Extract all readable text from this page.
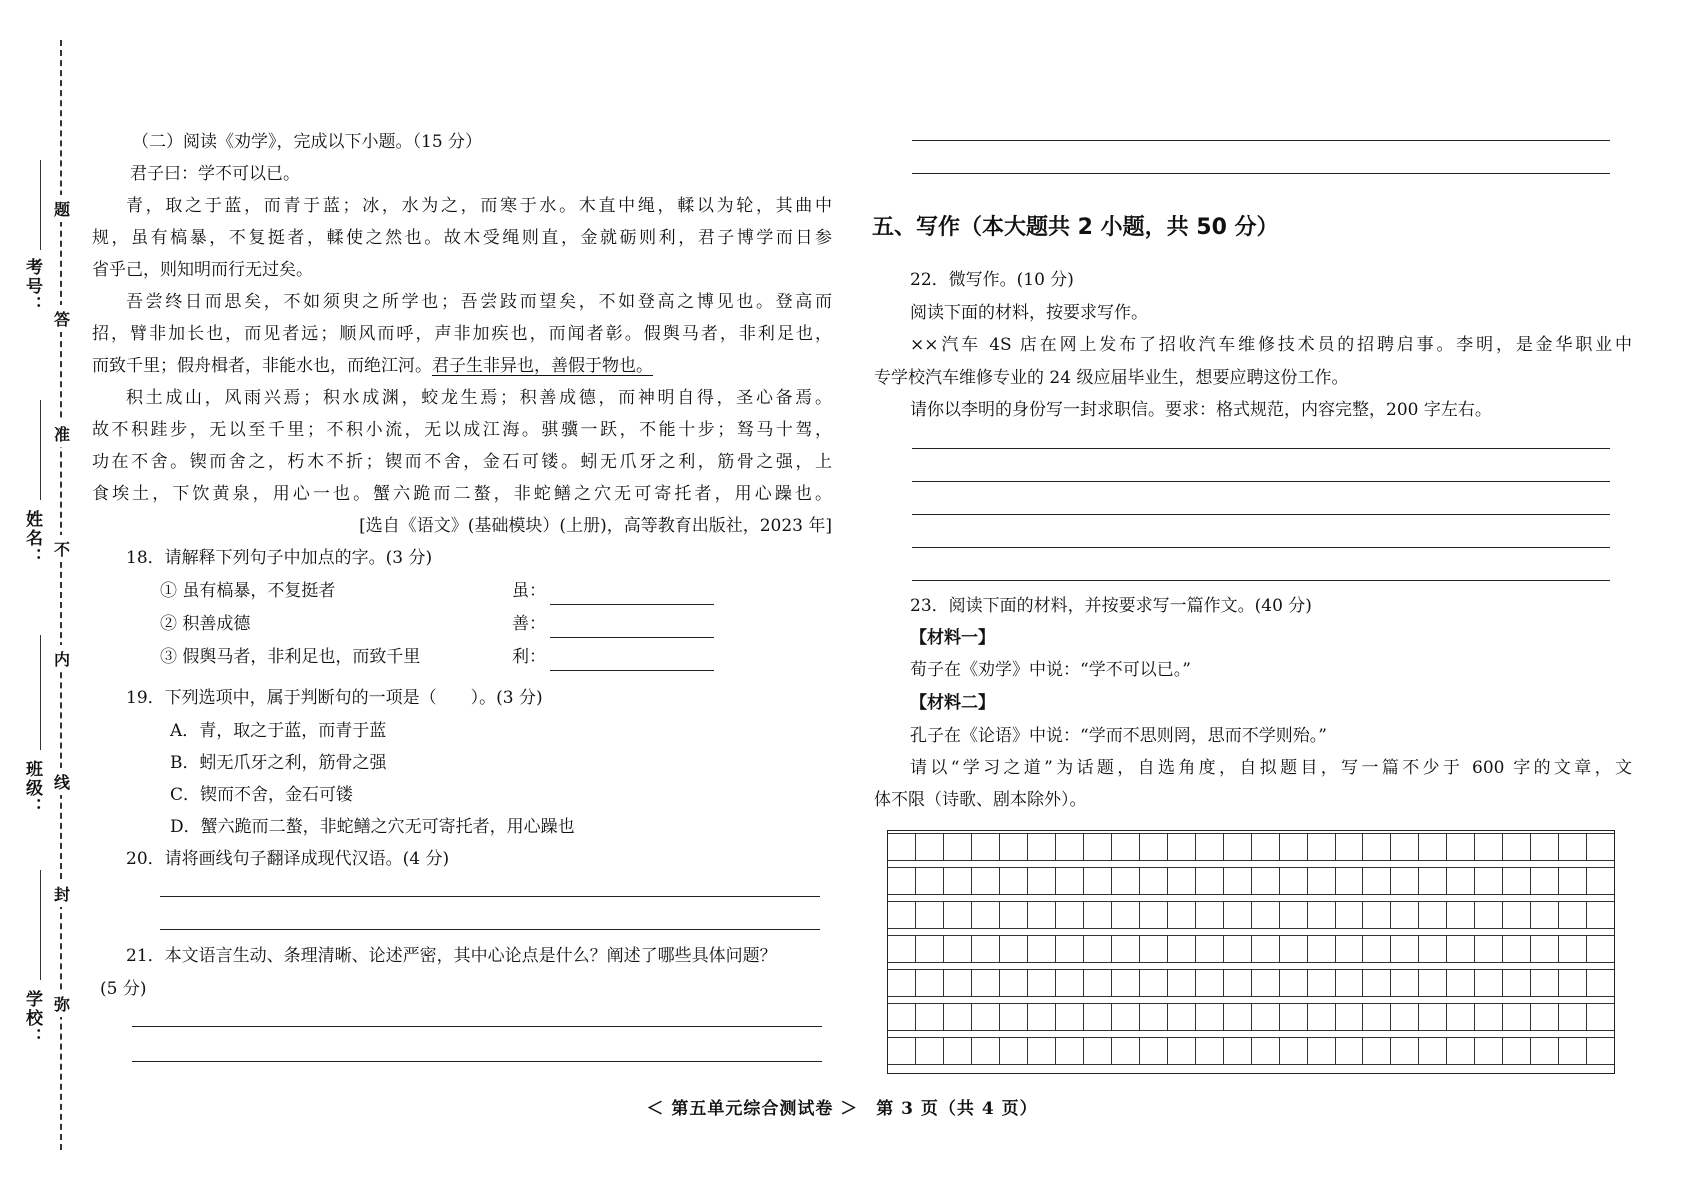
考号：
姓名：
班级：
学校：
题
答
准
不
内
线
封
弥
（二）阅读《劝学》，完成以下小题。（15 分）
君子曰：学不可以已。
青，取之于蓝，而青于蓝；冰，水为之，而寒于水。木直中绳，輮以为轮，其曲中
规，虽有槁暴，不复挺者，輮使之然也。故木受绳则直，金就砺则利，君子博学而日参
省乎己，则知明而行无过矣。
吾尝终日而思矣，不如须臾之所学也；吾尝跂而望矣，不如登高之博见也。登高而
招，臂非加长也，而见者远；顺风而呼，声非加疾也，而闻者彰。假舆马者，非利足也，
而致千里；假舟楫者，非能水也，而绝江河。君子生非异也，善假于物也。
积土成山，风雨兴焉；积水成渊，蛟龙生焉；积善成德，而神明自得，圣心备焉。
故不积跬步，无以至千里；不积小流，无以成江海。骐骥一跃，不能十步；驽马十驾，
功在不舍。锲而舍之，朽木不折；锲而不舍，金石可镂。蚓无爪牙之利，筋骨之强，上
食埃土，下饮黄泉，用心一也。蟹六跪而二螯，非蛇鳝之穴无可寄托者，用心躁也。
[选自《语文》(基础模块）(上册)，高等教育出版社，2023 年]
18．请解释下列句子中加点的字。(3 分)
① 虽有槁暴，不复挺者	虽：
② 积善成德	善：
③ 假舆马者，非利足也，而致千里	利：
19．下列选项中，属于判断句的一项是（　　）。(3 分)
A．青，取之于蓝，而青于蓝
B．蚓无爪牙之利，筋骨之强
C．锲而不舍，金石可镂
D．蟹六跪而二螯，非蛇鳝之穴无可寄托者，用心躁也
20．请将画线句子翻译成现代汉语。(4 分)
21．本文语言生动、条理清晰、论述严密，其中心论点是什么？阐述了哪些具体问题？
(5 分)
五、写作（本大题共 2 小题，共 50 分）
22．微写作。(10 分)
阅读下面的材料，按要求写作。
××汽车 4S 店在网上发布了招收汽车维修技术员的招聘启事。李明，是金华职业中
专学校汽车维修专业的 24 级应届毕业生，想要应聘这份工作。
请你以李明的身份写一封求职信。要求：格式规范，内容完整，200 字左右。
23．阅读下面的材料，并按要求写一篇作文。(40 分)
【材料一】
荀子在《劝学》中说：“学不可以已。”
【材料二】
孔子在《论语》中说：“学而不思则罔，思而不学则殆。”
请以“学习之道”为话题，自选角度，自拟题目，写一篇不少于 600 字的文章，文
体不限（诗歌、剧本除外）。
＜ 第五单元综合测试卷 ＞　第 3 页（共 4 页）
